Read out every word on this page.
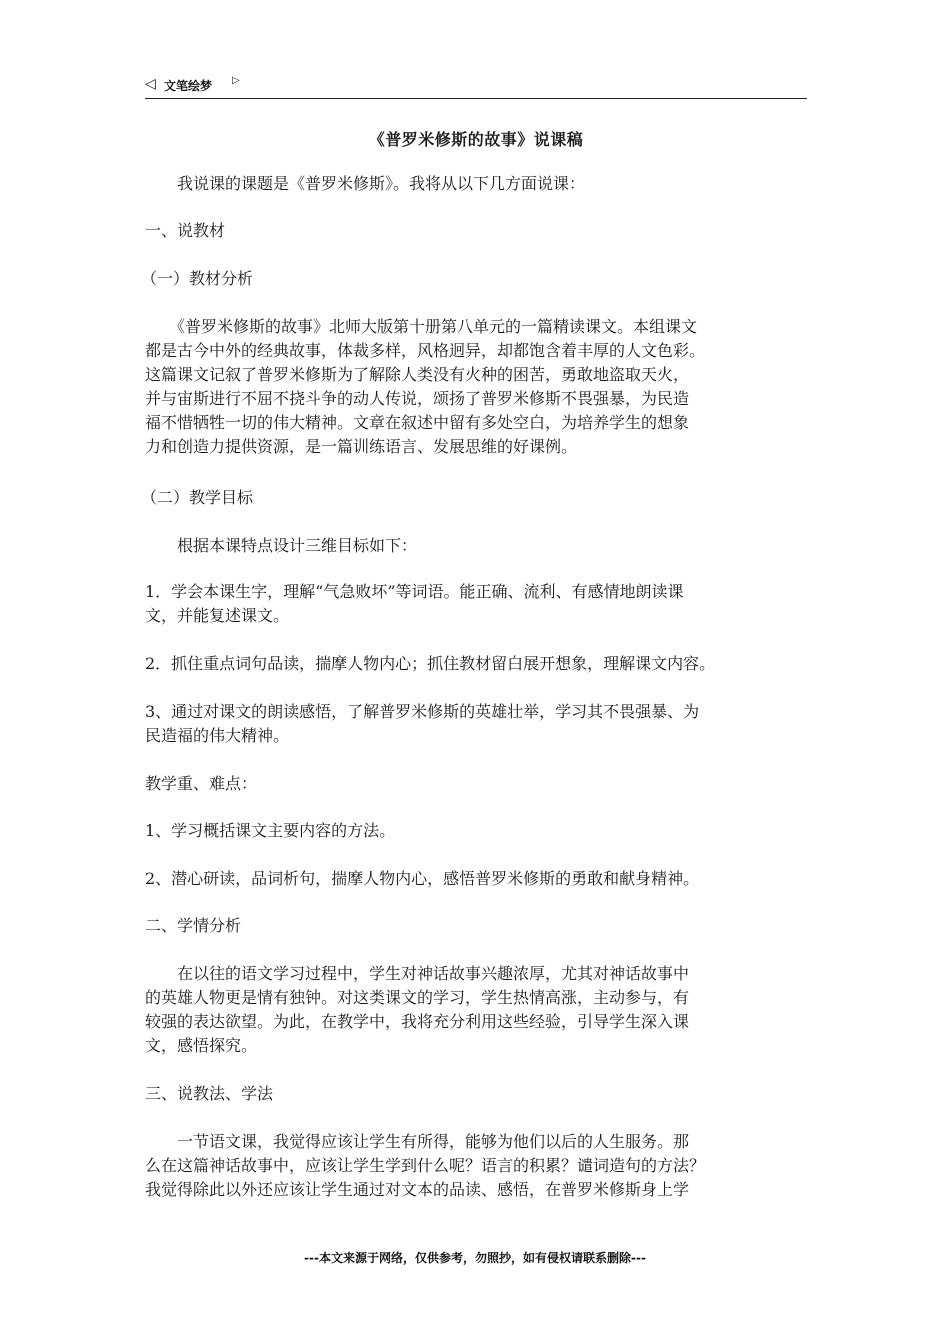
◁ 文笔绘梦 ▷
《普罗米修斯的故事》说课稿

　　我说课的课题是《普罗米修斯》。我将从以下几方面说课：

一、说教材

（一）教材分析

　　《普罗米修斯的故事》北师大版第十册第八单元的一篇精读课文。本组课文
都是古今中外的经典故事，体裁多样，风格迥异，却都饱含着丰厚的人文色彩。
这篇课文记叙了普罗米修斯为了解除人类没有火种的困苦，勇敢地盗取天火，
并与宙斯进行不屈不挠斗争的动人传说，颂扬了普罗米修斯不畏强暴，为民造
福不惜牺牲一切的伟大精神。文章在叙述中留有多处空白，为培养学生的想象
力和创造力提供资源，是一篇训练语言、发展思维的好课例。

（二）教学目标

　　根据本课特点设计三维目标如下：

1．学会本课生字，理解“气急败坏”等词语。能正确、流利、有感情地朗读课
文，并能复述课文。

2．抓住重点词句品读，揣摩人物内心；抓住教材留白展开想象，理解课文内容。

3、通过对课文的朗读感悟，了解普罗米修斯的英雄壮举，学习其不畏强暴、为
民造福的伟大精神。

教学重、难点：

1、学习概括课文主要内容的方法。

2、潜心研读，品词析句，揣摩人物内心，感悟普罗米修斯的勇敢和献身精神。

二、学情分析

　　在以往的语文学习过程中，学生对神话故事兴趣浓厚，尤其对神话故事中
的英雄人物更是情有独钟。对这类课文的学习，学生热情高涨，主动参与，有
较强的表达欲望。为此，在教学中，我将充分利用这些经验，引导学生深入课
文，感悟探究。

三、说教法、学法

　　一节语文课，我觉得应该让学生有所得，能够为他们以后的人生服务。那
么在这篇神话故事中，应该让学生学到什么呢？语言的积累？谴词造句的方法？
我觉得除此以外还应该让学生通过对文本的品读、感悟，在普罗米修斯身上学

---本文来源于网络，仅供参考，勿照抄，如有侵权请联系删除---
